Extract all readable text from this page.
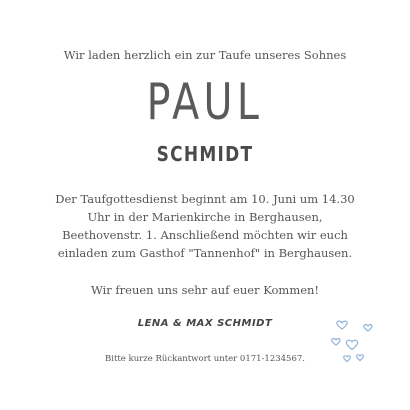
Wir laden herzlich ein zur Taufe unseres Sohnes

PAUL

SCHMIDT

Der Taufgottesdienst beginnt am 10. Juni um 14.30
Uhr in der Marienkirche in Berghausen,
Beethovenstr. 1. Anschließend möchten wir euch
einladen zum Gasthof "Tannenhof" in Berghausen.

Wir freuen uns sehr auf euer Kommen!

LENA & MAX SCHMIDT

Bitte kurze Rückantwort unter 0171-1234567.
